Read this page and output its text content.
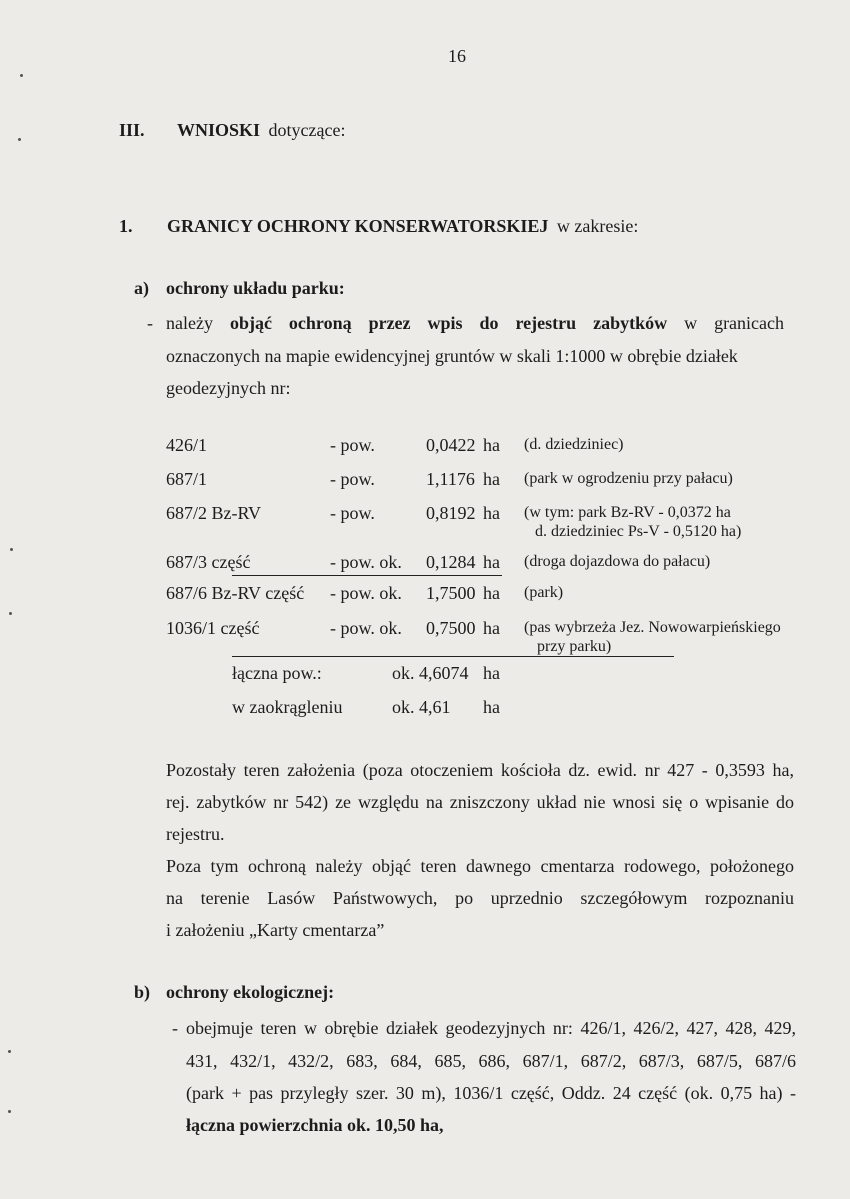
16
III. WNIOSKI dotyczące:
1. GRANICY OCHRONY KONSERWATORSKIEJ w zakresie:
a) ochrony układu parku:
- należy objąć ochroną przez wpis do rejestru zabytków w granicach
oznaczonych na mapie ewidencyjnej gruntów w skali 1:1000 w obrębie działek
geodezyjnych nr:
426/1	- pow.	0,0422 ha (d. dziedziniec)
687/1	- pow.	1,1176 ha (park w ogrodzeniu przy pałacu)
687/2 Bz-RV	- pow.	0,8192 ha (w tym: park Bz-RV - 0,0372 ha
d. dziedziniec Ps-V - 0,5120 ha)
687/3 część	- pow. ok. 0,1284 ha (droga dojazdowa do pałacu)
687/6 Bz-RV część - pow. ok. 1,7500 ha (park)
1036/1 część	- pow. ok. 0,7500 ha (pas wybrzeża Jez. Nowowarpieńskiego
przy parku)
łączna pow.:	ok. 4,6074 ha
w zaokrągleniu	ok. 4,61 ha
Pozostały teren założenia (poza otoczeniem kościoła dz. ewid. nr 427 - 0,3593 ha,
rej. zabytków nr 542) ze względu na zniszczony układ nie wnosi się o wpisanie do
rejestru.
Poza tym ochroną należy objąć teren dawnego cmentarza rodowego, położonego
na terenie Lasów Państwowych, po uprzednio szczegółowym rozpoznaniu
i założeniu „Karty cmentarza”
b) ochrony ekologicznej:
- obejmuje teren w obrębie działek geodezyjnych nr: 426/1, 426/2, 427, 428, 429,
431, 432/1, 432/2, 683, 684, 685, 686, 687/1, 687/2, 687/3, 687/5, 687/6
(park + pas przyległy szer. 30 m), 1036/1 część, Oddz. 24 część (ok. 0,75 ha) -
łączna powierzchnia ok. 10,50 ha,
